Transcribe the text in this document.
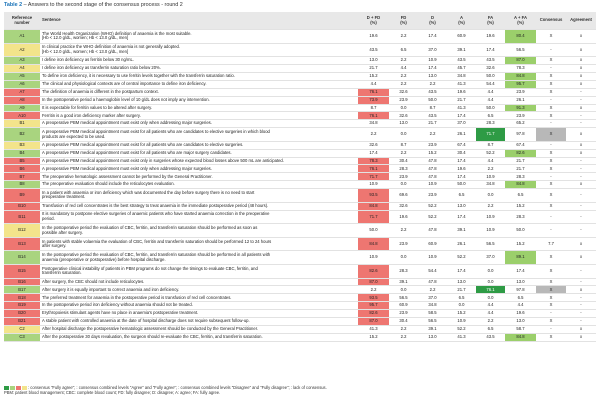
Table 2 – Answers to the second stage of the consensus process - round 2
Reference number	Sentence	D + FD
(%)	FD
(%)	D
(%)	A
(%)	FA
(%)	A + FA
(%)	Consensus	Agreement
A1	The World Health Organization (WHO) definition of anaemia is the most suitable.
[Hb < 12.0 g/dL, women; Hb < 13.0 g/dL, men]	19.6	2.2	17.4	60.9	19.6	80.4	X	x
A2	In clinical practice the WHO definition of anaemia is not generally adopted.
[Hb < 12.0 g/dL, women; Hb < 13.0 g/dL, men]	43.5	6.5	37.0	39.1	17.4	56.5	-	x
A3	I define iron deficiency as ferritin below 30 ng/mL.	13.0	2.2	10.9	43.5	43.5	87.0	X	x
A4	I define iron deficiency as transferrin saturation ratio below 20%.	21.7	4.4	17.4	45.7	32.6	78.3	-	x
A5	To define iron deficiency, it is necessary to use ferritin levels together with the transferrin saturation ratio.	15.2	2.2	13.0	34.8	50.0	84.8	X	x
A6	The clinical and physiological contexts are of central importance to define iron deficiency.	4.4	2.2	2.2	41.3	54.4	95.7	X	x
A7	The definition of anaemia is different in the postpartum context.	76.1	32.6	43.5	19.6	4.4	23.9	X	-
A8	In the postoperative period a haemoglobin level of 10 g/dL does not imply any intervention.	73.9	23.9	50.0	21.7	4.4	26.1	-	-
A9	It is expectable for ferritin values to be altered after surgery.	8.7	0.0	8.7	41.3	50.0	91.3	X	x
A10	Ferritin is a good iron deficiency marker after surgery.	76.1	32.6	43.5	17.4	6.5	23.9	X	-
B1	A preoperative PBM medical appointment must exist only when addressing major surgeries.	34.8	13.0	21.7	37.0	28.3	65.2	-	-
B2	A preoperative PBM medical appointment must exist for all patients who are candidates to elective surgeries in which blood
products are expected to be used.	2.2	0.0	2.2	26.1	71.7	97.8	X	x
B3	A preoperative PBM medical appointment must exist for all patients who are candidates to elective surgeries.	32.6	8.7	23.9	67.4	8.7	67.4	-	x
B4	A preoperative PBM medical appointment must exist for all patients who are major surgery candidates.	17.4	2.2	15.2	30.4	52.2	82.6	X	x
B5	A preoperative PBM medical appointment must exist only in surgeries whose expected blood losses above 500 mL are anticipated.	78.3	30.4	47.8	17.4	4.4	21.7	X	-
B6	A preoperative PBM medical appointment must exist only when addressing major surgeries.	76.1	28.3	47.8	19.6	2.2	21.7	X	-
B7	The preoperative hematologic assessment cannot be performed by the General Practitioner.	71.7	23.9	47.8	17.4	10.9	28.3	-	-
B8	The preoperative evaluation should include the reticulocytes evaluation.	10.9	0.0	10.9	50.0	34.8	84.8	X	x
B9	In a patient with anaemia or iron deficiency which was documented the day before surgery there is no need to start
preoperative treatment.	93.5	69.6	23.9	6.5	0.0	6.5	X	-
B10	Transfusion of red cell concentrates is the best strategy to treat anaemia in the immediate postoperative period (48 hours).	84.8	32.6	52.2	13.0	2.2	15.2	X	-
B11	It is mandatory to postpone elective surgeries of anaemic patients who have started anaemia correction in the preoperative
period.	71.7	19.6	52.2	17.4	10.9	28.3	-	-
B12	In the postoperative period the evaluation of CBC, ferritin, and transferrin saturation should be performed as soon as
possible after surgery.	50.0	2.2	47.8	39.1	10.9	50.0	-	-
B13	In patients with stable volaemia the evaluation of CBC, ferritin and transferrin saturation should be performed 12 to 24 hours
after surgery.	84.8	23.9	60.9	26.1	56.5	15.2	7.7	x
B14	In the postoperative period the evaluation of CBC, ferritin, and transferrin saturation should be performed in all patients with
anaemia (preoperative or postoperative) before hospital discharge.	10.9	0.0	10.9	52.2	37.0	89.1	X	x
B15	Postoperative clinical instability of patients in PBM programs do not change the timings to evaluate CBC, ferritin, and
transferrin saturation.	82.6	28.3	54.4	17.4	0.0	17.4	X	-
B16	After surgery, the CBC should not include reticulocytes.	87.0	39.1	47.8	13.0	0.0	13.0	X	-
B17	After surgery it is equally important to correct anaemia and iron deficiency.	2.2	0.0	2.2	21.7	76.1	97.8	X	x
B18	The preferred treatment for anaemia in the postoperative period is transfusion of red cell concentrates.	93.5	56.5	37.0	6.5	0.0	6.5	X	-
B19	In the postoperative period iron deficiency without anaemia should not be treated.	95.7	60.9	34.8	0.0	4.4	4.4	X	-
B20	Erythropoiesis stimulant agents have no place in anaemia's postoperative treatment.	82.6	23.9	58.5	15.2	4.4	19.6	-	-
B21	A stable patient with controlled anaemia at the date of hospital discharge does not require subsequent follow-up.	87.0	30.4	56.5	10.9	2.2	13.0	X	-
C2	After hospital discharge the postoperative hematologic assessment should be conducted by the General Practitioner.	41.3	2.2	39.1	52.2	6.5	58.7	-	x
C3	After the postoperative 30 days revaluation, the surgeon should re-evaluate the CBC, ferritin, and transferrin saturation.	15.2	2.2	13.0	41.3	43.5	84.8	X	x
: consensus "Fully agree"; : consensus combined levels "Agree" and "Fully agree"; : consensus combined levels "Disagree" and "Fully disagree"; : lack of consensus.
PBM: patient blood management; CBC: complete blood count; FD: fully disagree; D: disagree; A: agree; FA: fully agree.
